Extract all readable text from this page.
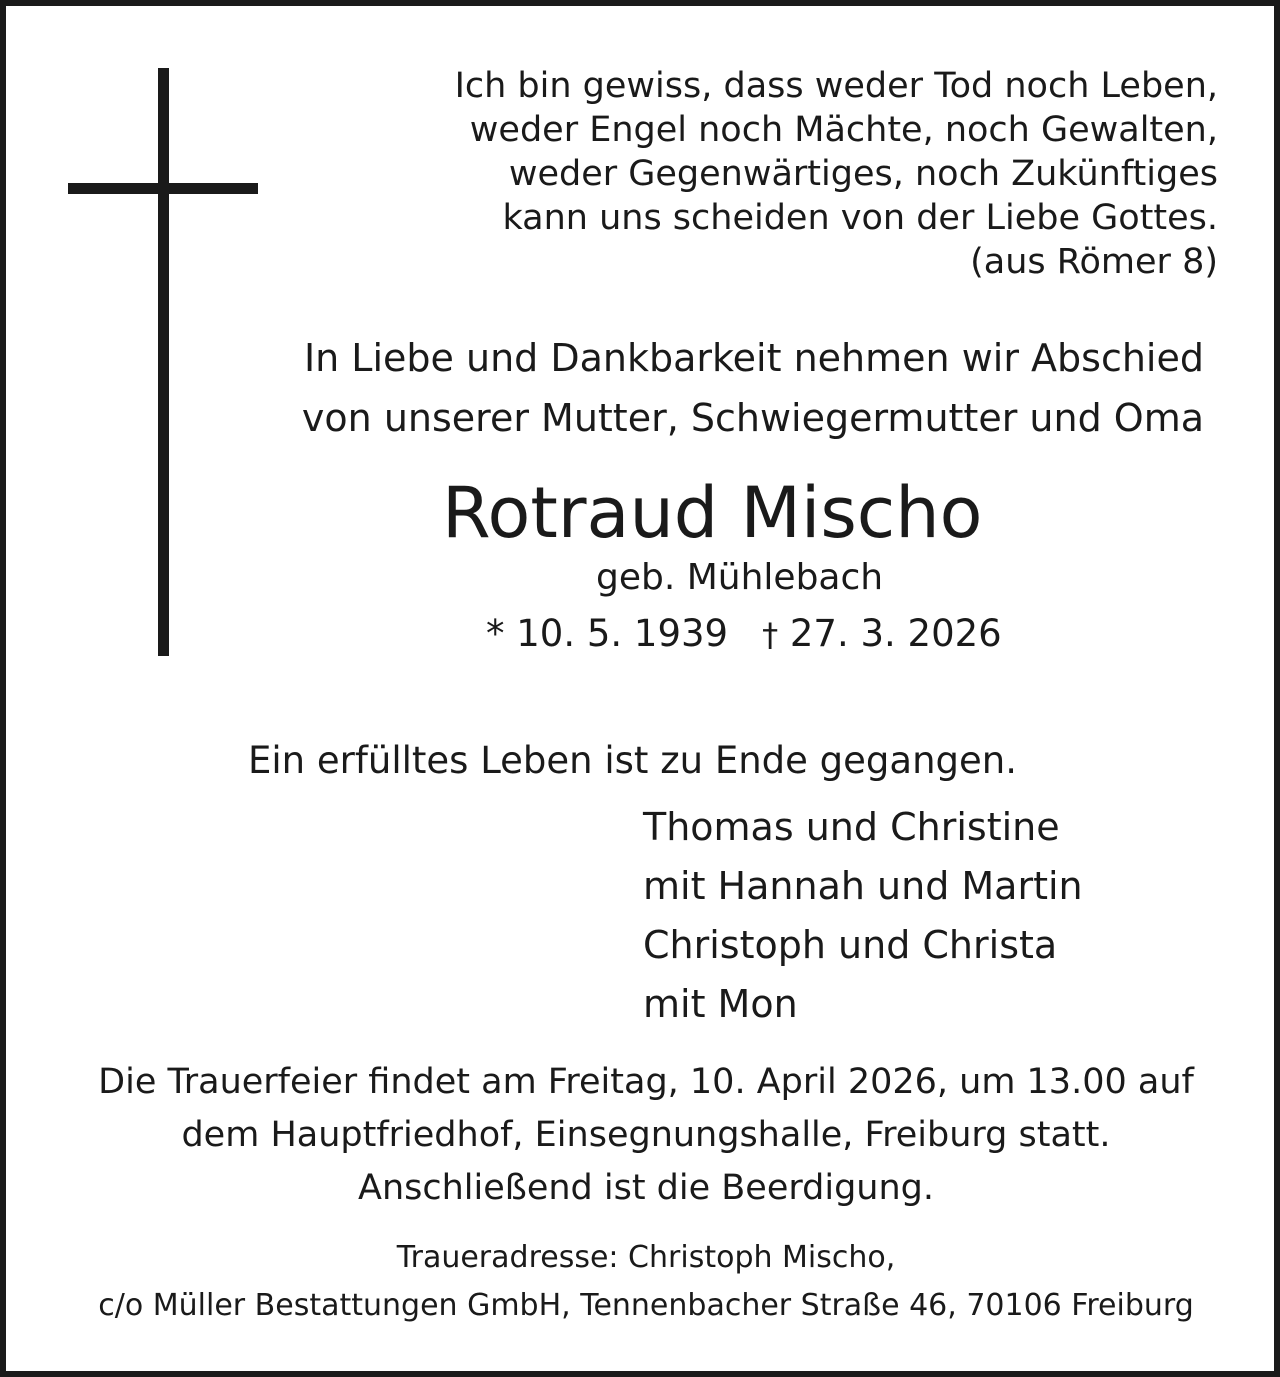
Ich bin gewiss, dass weder Tod noch Leben,
weder Engel noch Mächte, noch Gewalten,
weder Gegenwärtiges, noch Zukünftiges
kann uns scheiden von der Liebe Gottes.
(aus Römer 8)
In Liebe und Dankbarkeit nehmen wir Abschied
von unserer Mutter, Schwiegermutter und Oma
Rotraud Mischo
geb. Mühlebach
* 10. 5. 1939 † 27. 3. 2026
Ein erfülltes Leben ist zu Ende gegangen.
Thomas und Christine
mit Hannah und Martin
Christoph und Christa
mit Mon
Die Trauerfeier findet am Freitag, 10. April 2026, um 13.00 auf
dem Hauptfriedhof, Einsegnungshalle, Freiburg statt.
Anschließend ist die Beerdigung.
Traueradresse: Christoph Mischo,
c/o Müller Bestattungen GmbH, Tennenbacher Straße 46, 70106 Freiburg
